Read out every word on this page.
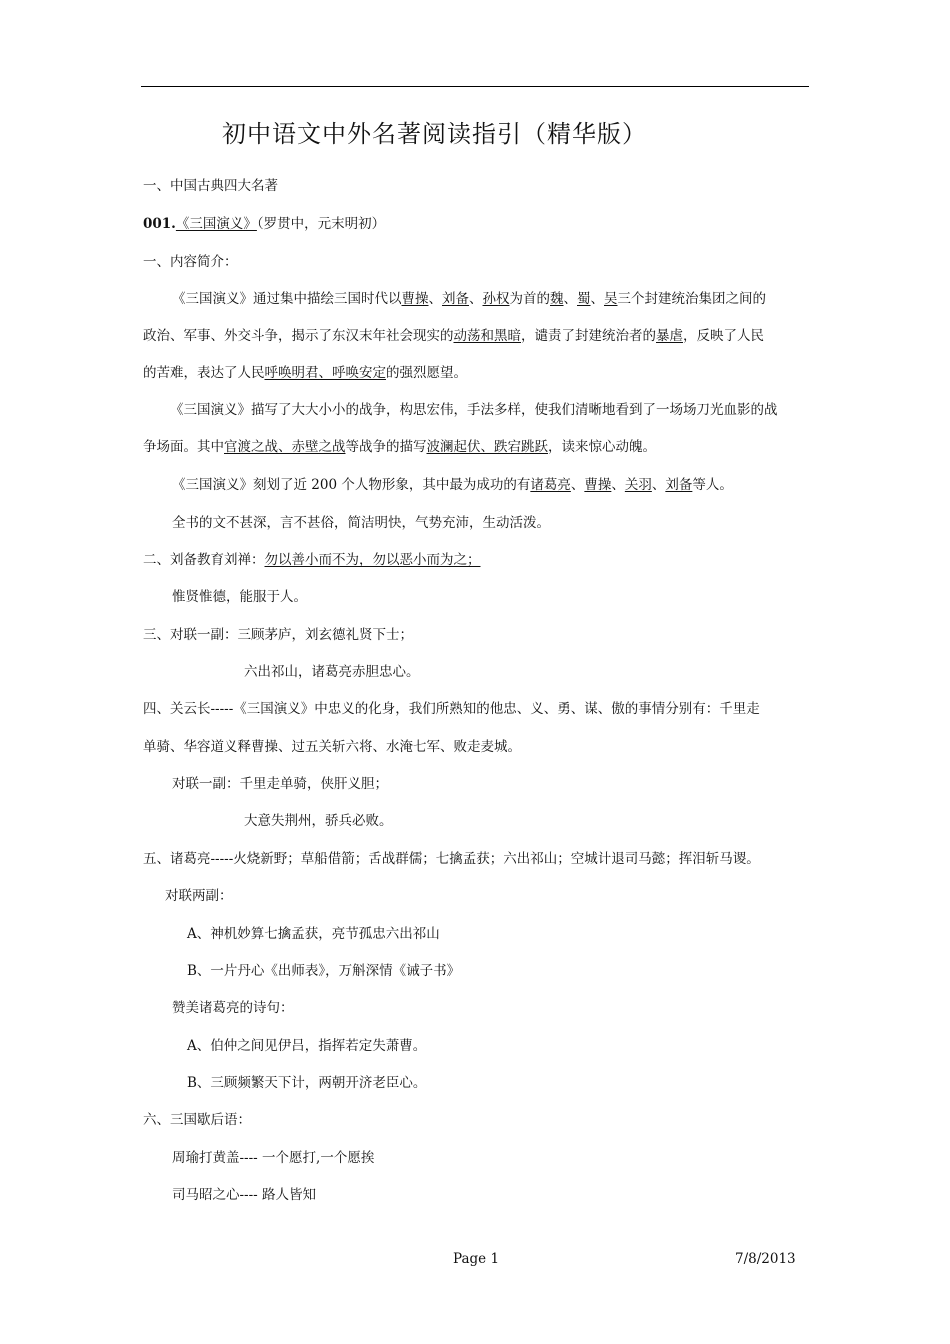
初中语文中外名著阅读指引（精华版）
一、中国古典四大名著
001.《三国演义》（罗贯中，元末明初）
一、内容简介：
《三国演义》通过集中描绘三国时代以曹操、刘备、孙权为首的魏、蜀、吴三个封建统治集团之间的
政治、军事、外交斗争，揭示了东汉末年社会现实的动荡和黑暗，谴责了封建统治者的暴虐，反映了人民
的苦难，表达了人民呼唤明君、呼唤安定的强烈愿望。
《三国演义》描写了大大小小的战争，构思宏伟，手法多样，使我们清晰地看到了一场场刀光血影的战
争场面。其中官渡之战、赤壁之战等战争的描写波澜起伏、跌宕跳跃，读来惊心动魄。
《三国演义》刻划了近 200 个人物形象，其中最为成功的有诸葛亮、曹操、关羽、刘备等人。
全书的文不甚深，言不甚俗，简洁明快，气势充沛，生动活泼。
二、刘备教育刘禅：勿以善小而不为，勿以恶小而为之；
惟贤惟德，能服于人。
三、对联一副：三顾茅庐，刘玄德礼贤下士；
六出祁山，诸葛亮赤胆忠心。
四、关云长-----《三国演义》中忠义的化身，我们所熟知的他忠、义、勇、谋、傲的事情分别有：千里走
单骑、华容道义释曹操、过五关斩六将、水淹七军、败走麦城。
对联一副：千里走单骑，侠肝义胆；
大意失荆州，骄兵必败。
五、诸葛亮-----火烧新野；草船借箭；舌战群儒；七擒孟获；六出祁山；空城计退司马懿；挥泪斩马谡。
对联两副：
A、神机妙算七擒孟获，亮节孤忠六出祁山
B、一片丹心《出师表》，万斛深情《诫子书》
赞美诸葛亮的诗句：
A、伯仲之间见伊吕，指挥若定失萧曹。
B、三顾频繁天下计，两朝开济老臣心。
六、三国歇后语：
周瑜打黄盖---- 一个愿打,一个愿挨
司马昭之心---- 路人皆知
Page 1	7/8/2013
